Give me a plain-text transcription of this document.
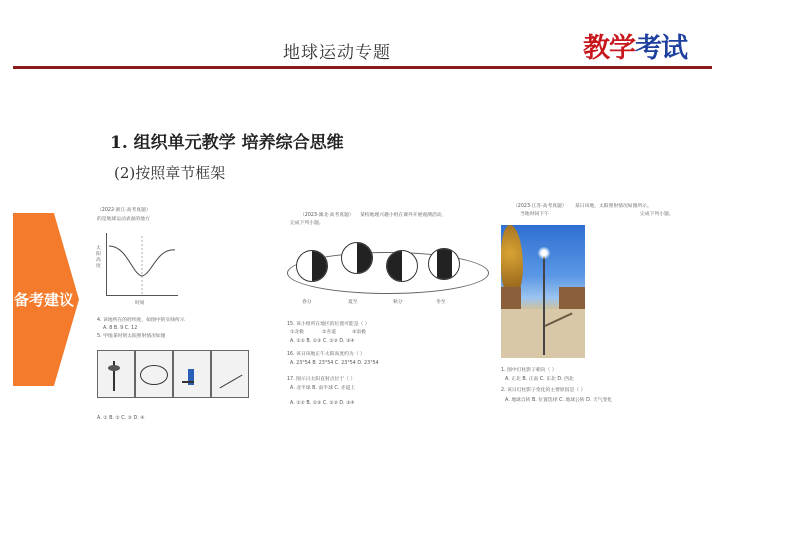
地球运动专题	教学考试
1. 组织单元教学 培养综合思维
(2)按照章节框架
备考建议
（2022·浙江·高考真题）
的是地球运动表面的地方
太阳高度
时间
4. 该地所在的经纬度，如图中的实线所示
A. 8 B. 9 C. 12
5. 甲地某时刻太阳照射情况如图
A. ① B. ② C. ③ D. ④
（2023·湖北·高考真题） 某校地理兴趣小组在课外开展观测活动，
完成下列小题。
春分	夏至	秋分	冬至
15. 该小组所在地区的位置可能是（ ）
①北极	②赤道	③南极
A. ①② B. ①③ C. ②③ D. ③④
16. 该日该地正午太阳高度约为（ ）
A. 23°54 B. 23°54 C. 23°54 D. 23°54
17. 图示日太阳直射点位于（ ）
A. 北半球 B. 南半球 C. 赤道上
A. ①② B. ①③ C. ②③ D. ③④
（2023·江苏·高考真题） 某日该地，太阳照射情况如图所示。
当地时间下午	完成下列小题。
1. 图中灯柱影子朝向（ ）
A. 正北 B. 正南 C. 东北 D. 西北
2. 该日灯柱影子变化的主要原因是（ ）
A. 地球自转 B. 位置选择 C. 地球公转 D. 天气变化
